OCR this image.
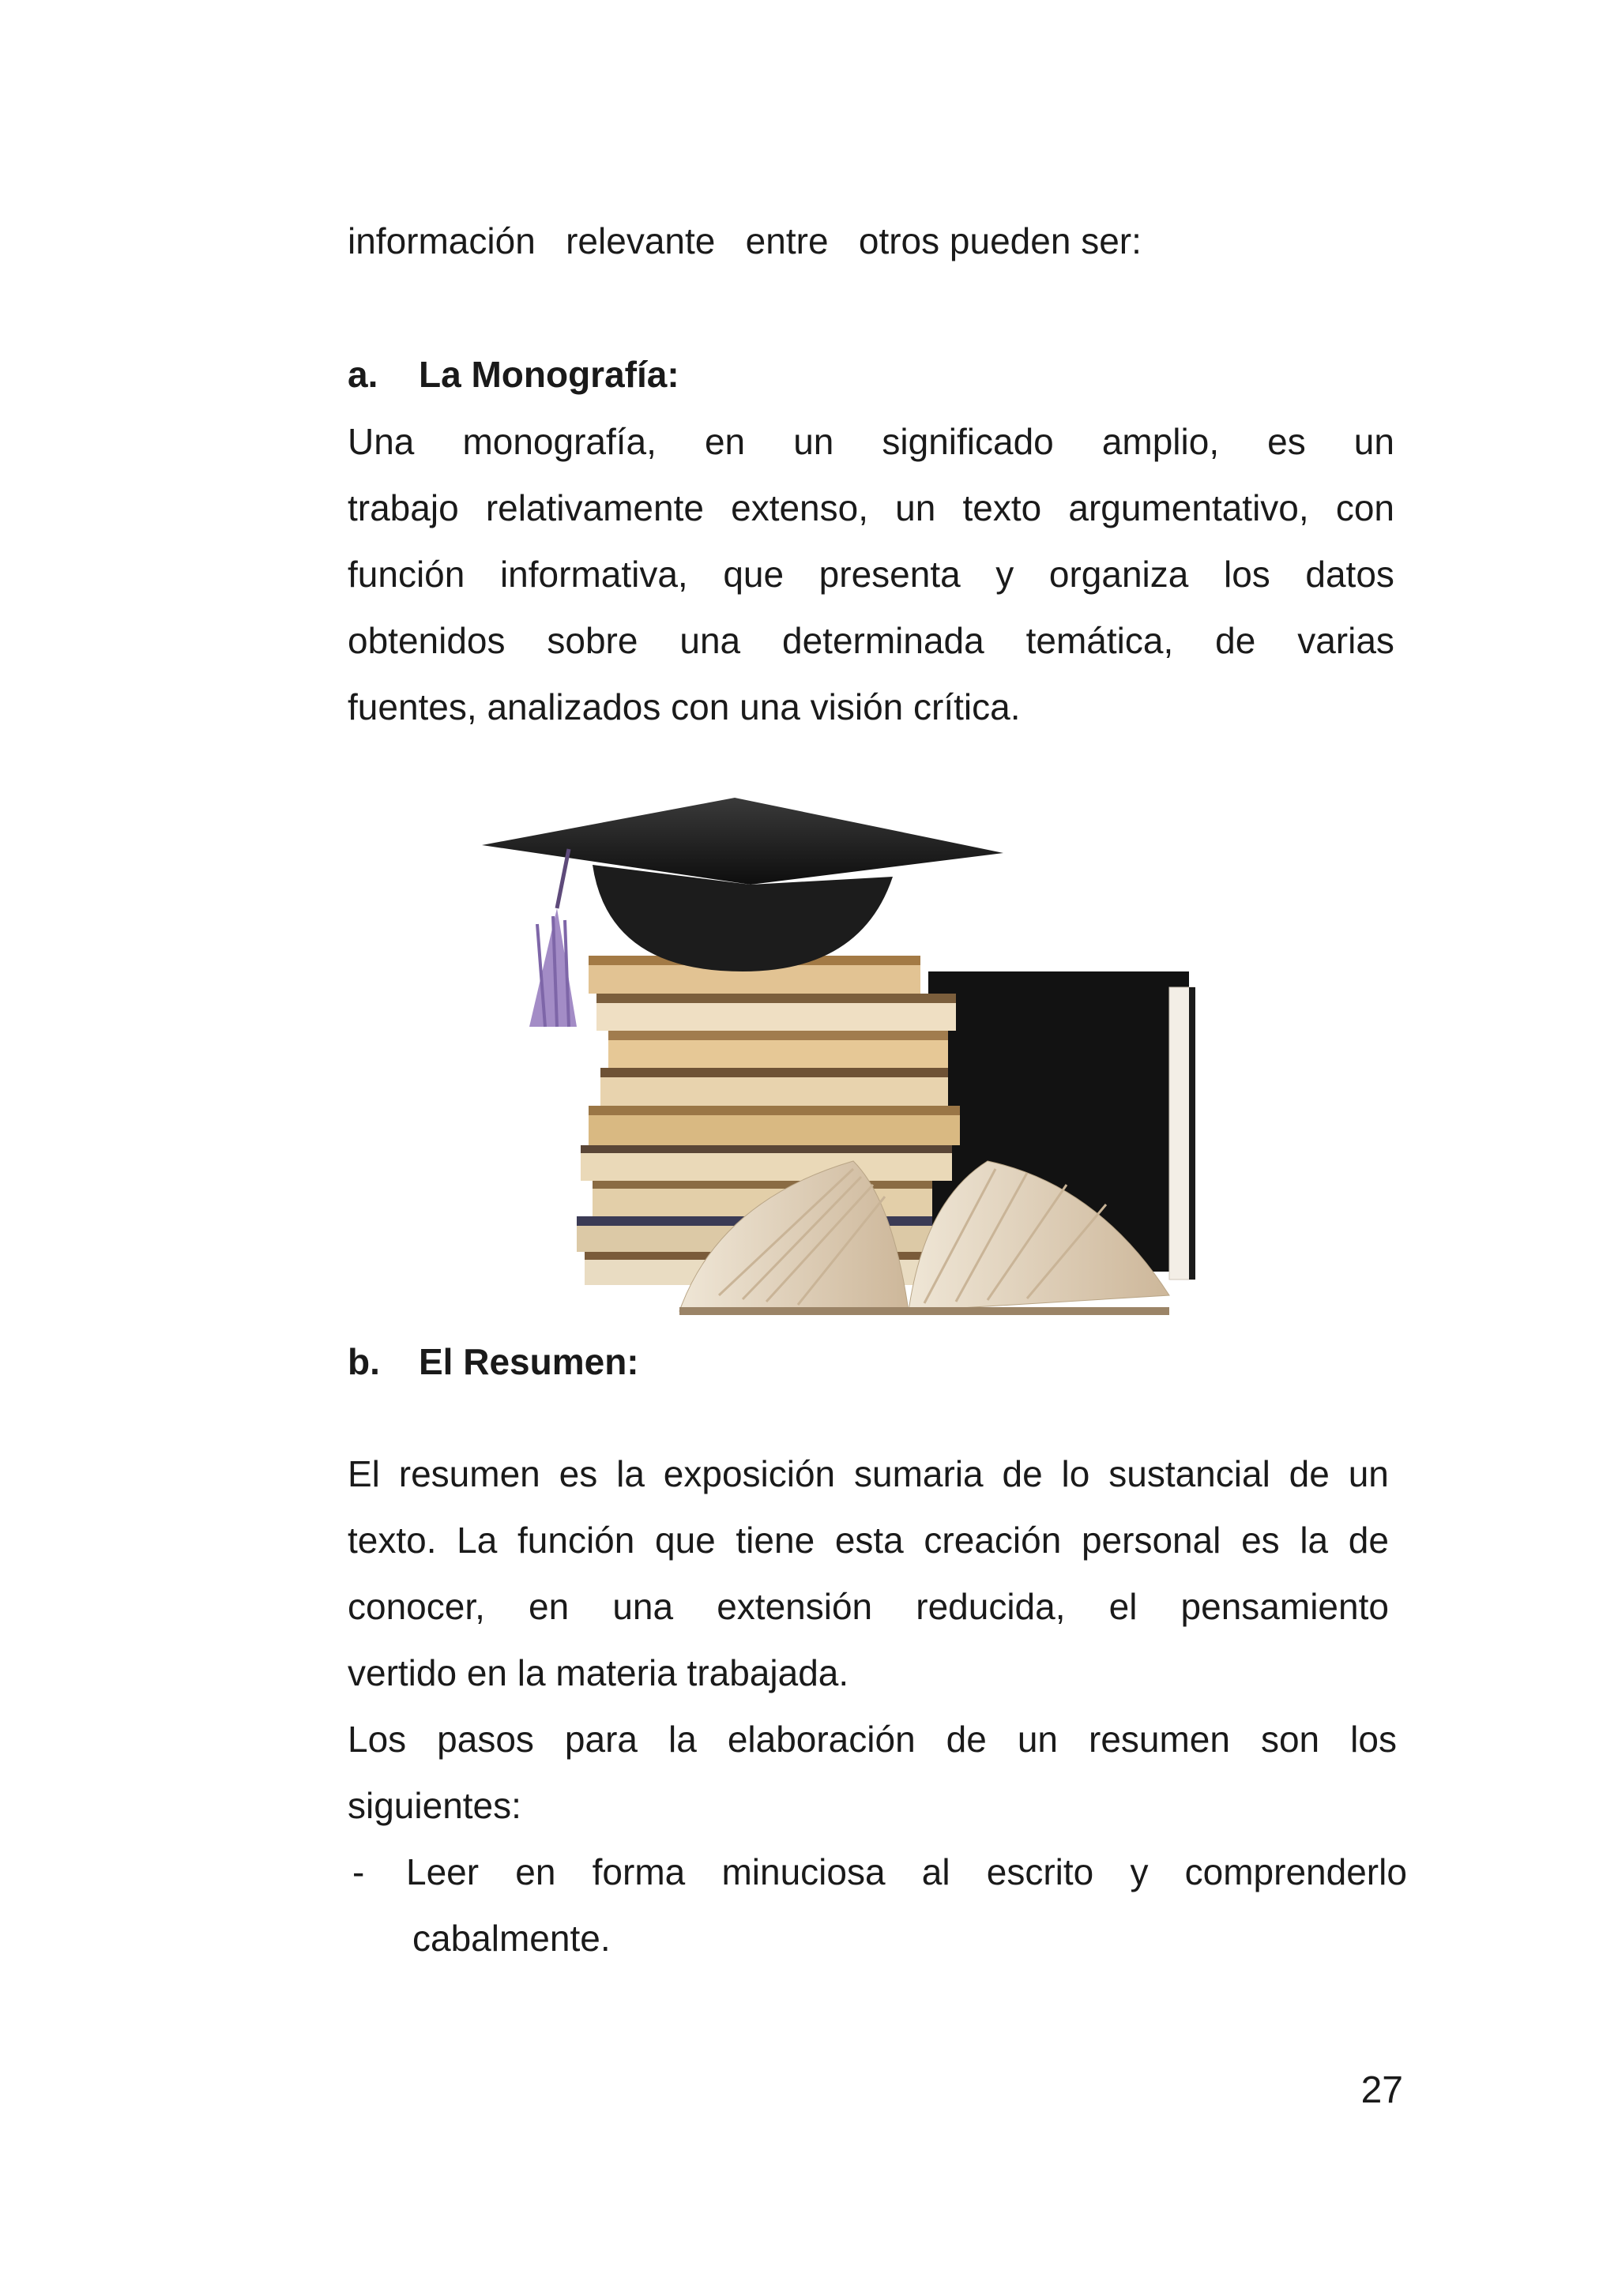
información   relevante   entre   otros pueden ser:
a. La Monografía:
Una monografía, en un significado amplio, es un
trabajo relativamente extenso, un texto argumentativo, con
función informativa, que presenta y organiza los datos
obtenidos sobre una determinada temática, de varias
fuentes, analizados con una visión crítica.
b. El Resumen:
El resumen es la exposición sumaria de lo sustancial de un
texto. La función que tiene esta creación personal es la de
conocer, en una extensión reducida, el pensamiento
vertido en la materia trabajada.
Los pasos para la elaboración de un resumen son los
siguientes:
- Leer en forma minuciosa al escrito y comprenderlo
cabalmente.
27
